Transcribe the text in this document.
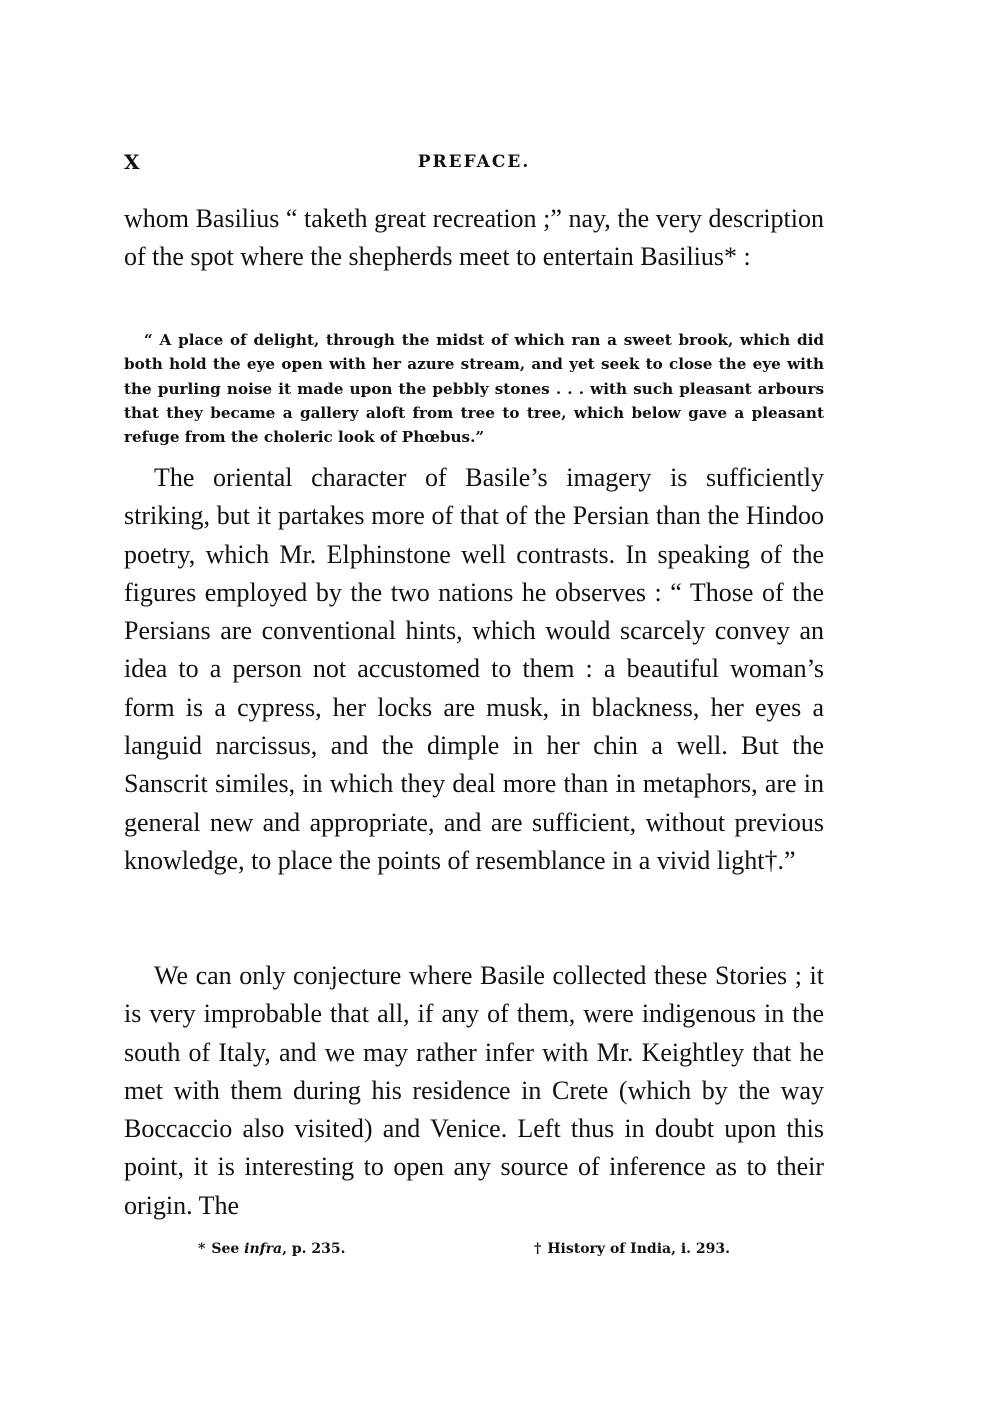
X	PREFACE.

whom Basilius “ taketh great recreation ;” nay, the very description of the spot where the shepherds meet to entertain Basilius* :

“ A place of delight, through the midst of which ran a sweet brook, which did both hold the eye open with her azure stream, and yet seek to close the eye with the purling noise it made upon the pebbly stones . . . with such pleasant arbours that they became a gallery aloft from tree to tree, which below gave a pleasant refuge from the choleric look of Phœbus.”

The oriental character of Basile’s imagery is sufficiently striking, but it partakes more of that of the Persian than the Hindoo poetry, which Mr. Elphinstone well contrasts. In speaking of the figures employed by the two nations he observes : “ Those of the Persians are conventional hints, which would scarcely convey an idea to a person not accustomed to them : a beautiful woman’s form is a cypress, her locks are musk, in blackness, her eyes a languid narcissus, and the dimple in her chin a well. But the Sanscrit similes, in which they deal more than in metaphors, are in general new and appropriate, and are sufficient, without previous knowledge, to place the points of resemblance in a vivid light†.”

We can only conjecture where Basile collected these Stories ; it is very improbable that all, if any of them, were indigenous in the south of Italy, and we may rather infer with Mr. Keightley that he met with them during his residence in Crete (which by the way Boccaccio also visited) and Venice. Left thus in doubt upon this point, it is interesting to open any source of inference as to their origin. The

* See infra, p. 235.	† History of India, i. 293.
